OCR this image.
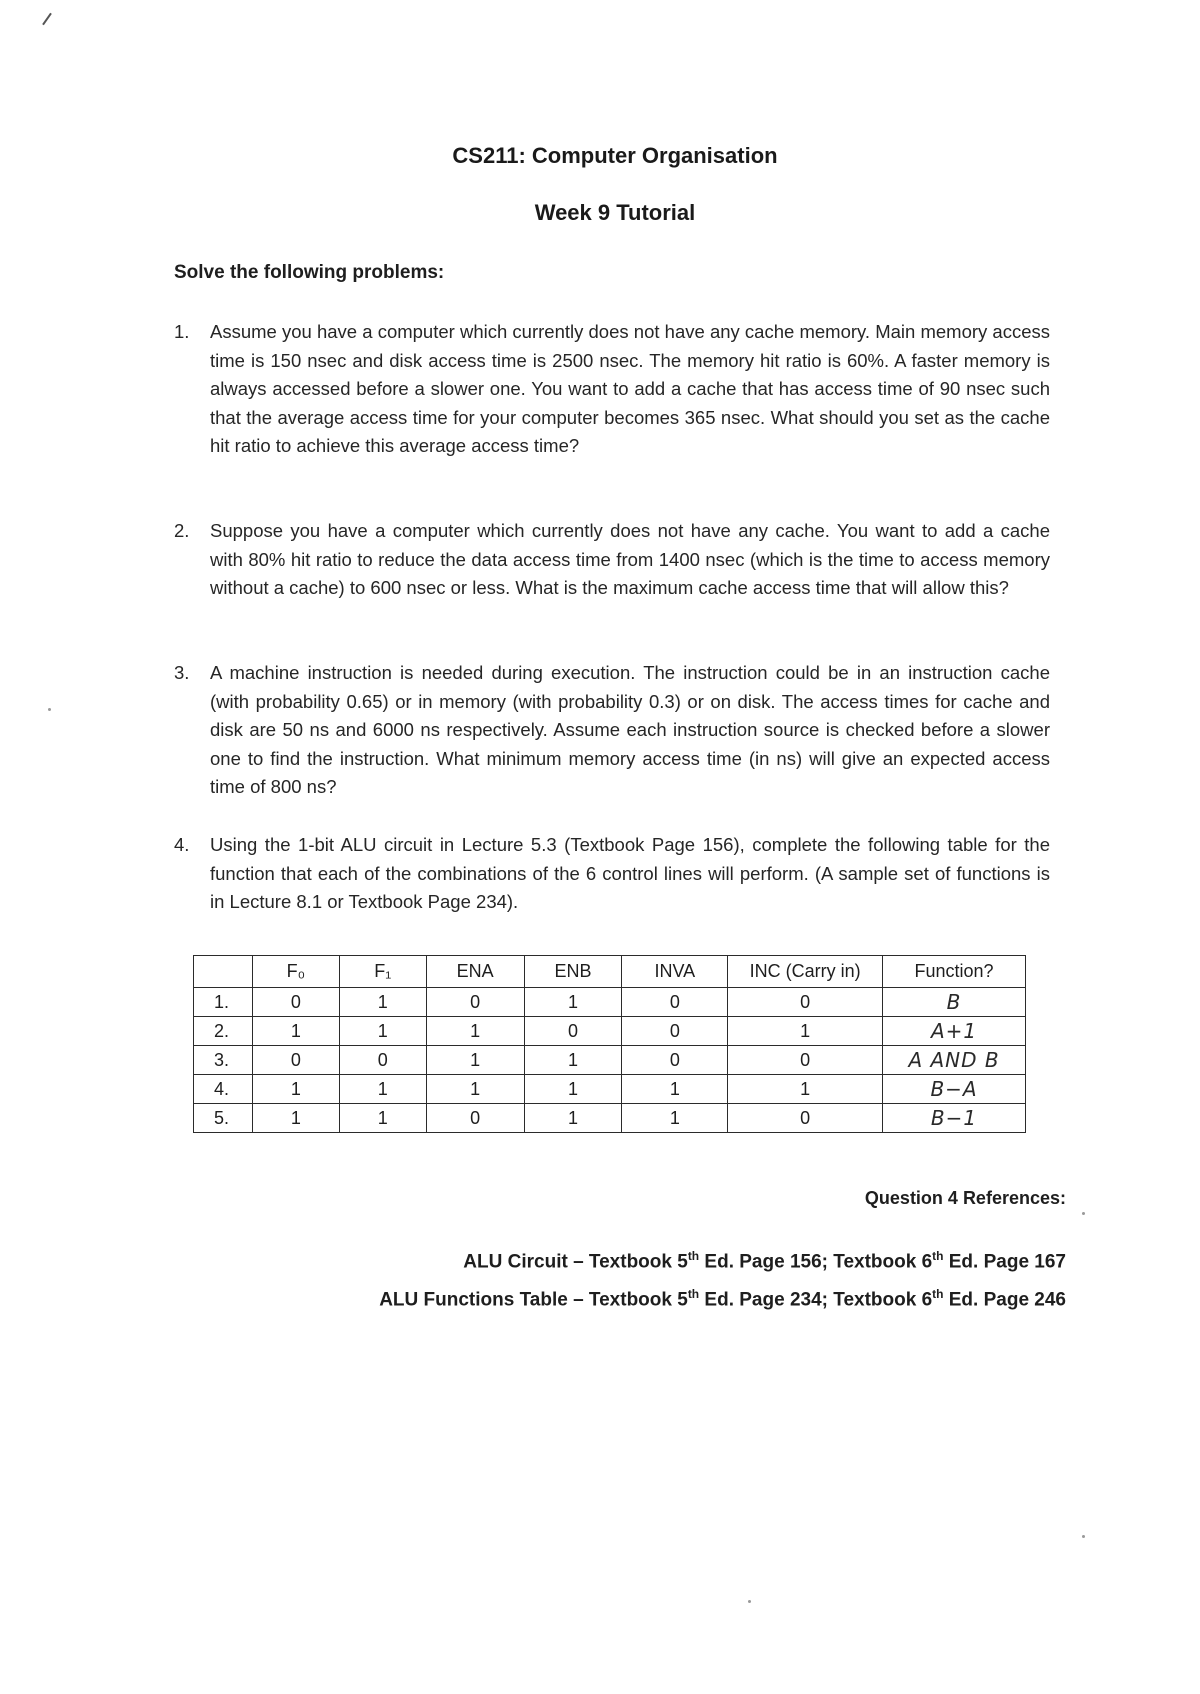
CS211: Computer Organisation
Week 9 Tutorial
Solve the following problems:
1. Assume you have a computer which currently does not have any cache memory. Main memory access time is 150 nsec and disk access time is 2500 nsec. The memory hit ratio is 60%. A faster memory is always accessed before a slower one. You want to add a cache that has access time of 90 nsec such that the average access time for your computer becomes 365 nsec. What should you set as the cache hit ratio to achieve this average access time?
2. Suppose you have a computer which currently does not have any cache. You want to add a cache with 80% hit ratio to reduce the data access time from 1400 nsec (which is the time to access memory without a cache) to 600 nsec or less. What is the maximum cache access time that will allow this?
3. A machine instruction is needed during execution. The instruction could be in an instruction cache (with probability 0.65) or in memory (with probability 0.3) or on disk. The access times for cache and disk are 50 ns and 6000 ns respectively. Assume each instruction source is checked before a slower one to find the instruction. What minimum memory access time (in ns) will give an expected access time of 800 ns?
4. Using the 1-bit ALU circuit in Lecture 5.3 (Textbook Page 156), complete the following table for the function that each of the combinations of the 6 control lines will perform. (A sample set of functions is in Lecture 8.1 or Textbook Page 234).
	F₀	F₁	ENA	ENB	INVA	INC (Carry in)	Function?
1.	0	1	0	1	0	0	B
2.	1	1	1	0	0	1	A+1
3.	0	0	1	1	0	0	A AND B
4.	1	1	1	1	1	1	B−A
5.	1	1	0	1	1	0	B−1
Question 4 References:
ALU Circuit – Textbook 5th Ed. Page 156; Textbook 6th Ed. Page 167
ALU Functions Table – Textbook 5th Ed. Page 234; Textbook 6th Ed. Page 246
